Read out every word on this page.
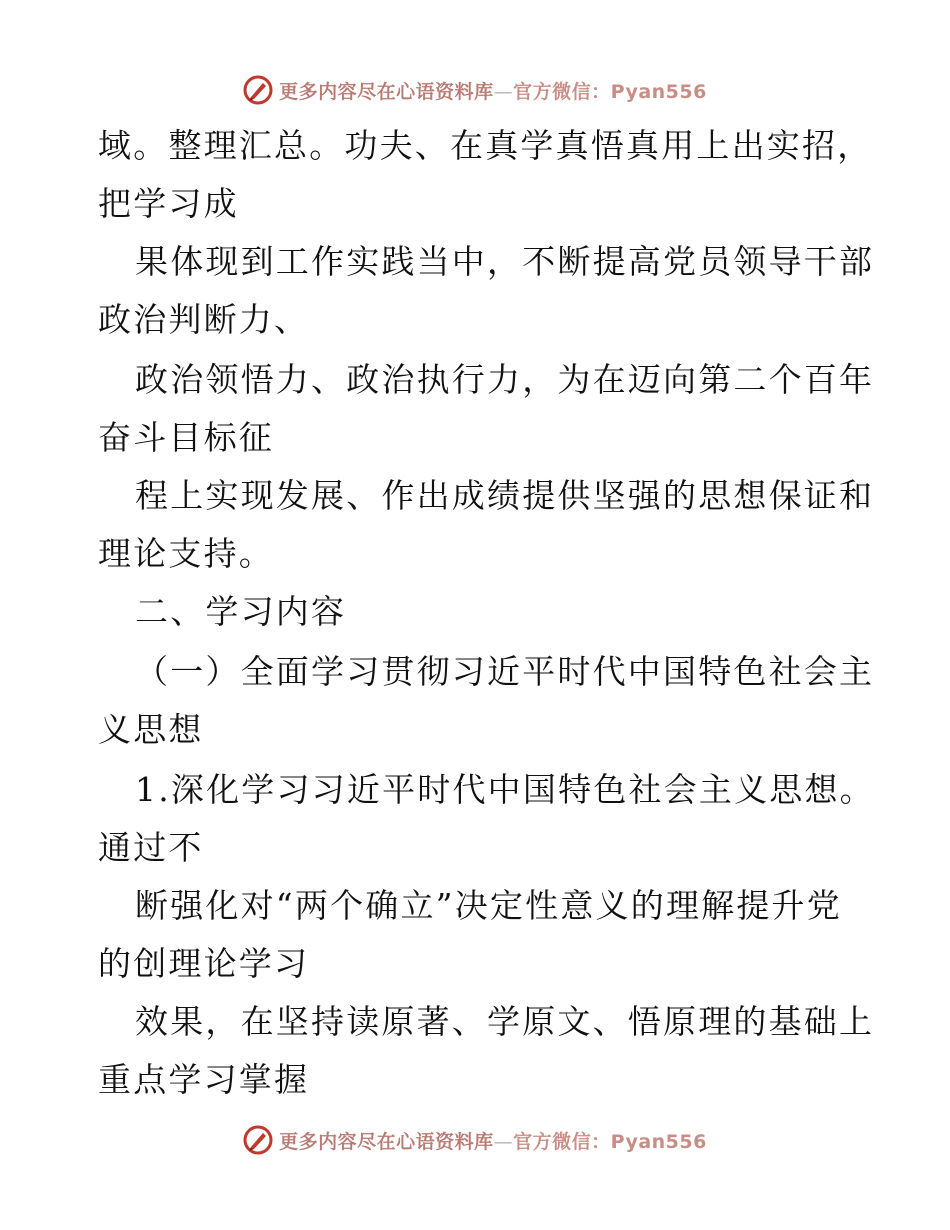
更多内容尽在心语资料库—官方微信：Pyan556
域。整理汇总。功夫、在真学真悟真用上出实招，
把学习成
果体现到工作实践当中，不断提高党员领导干部
政治判断力、
政治领悟力、政治执行力，为在迈向第二个百年
奋斗目标征
程上实现发展、作出成绩提供坚强的思想保证和
理论支持。
二、学习内容
（一）全面学习贯彻习近平时代中国特色社会主
义思想
1.深化学习习近平时代中国特色社会主义思想。
通过不
断强化对“两个确立”决定性意义的理解提升党
的创理论学习
效果，在坚持读原著、学原文、悟原理的基础上
重点学习掌握
更多内容尽在心语资料库—官方微信：Pyan556
